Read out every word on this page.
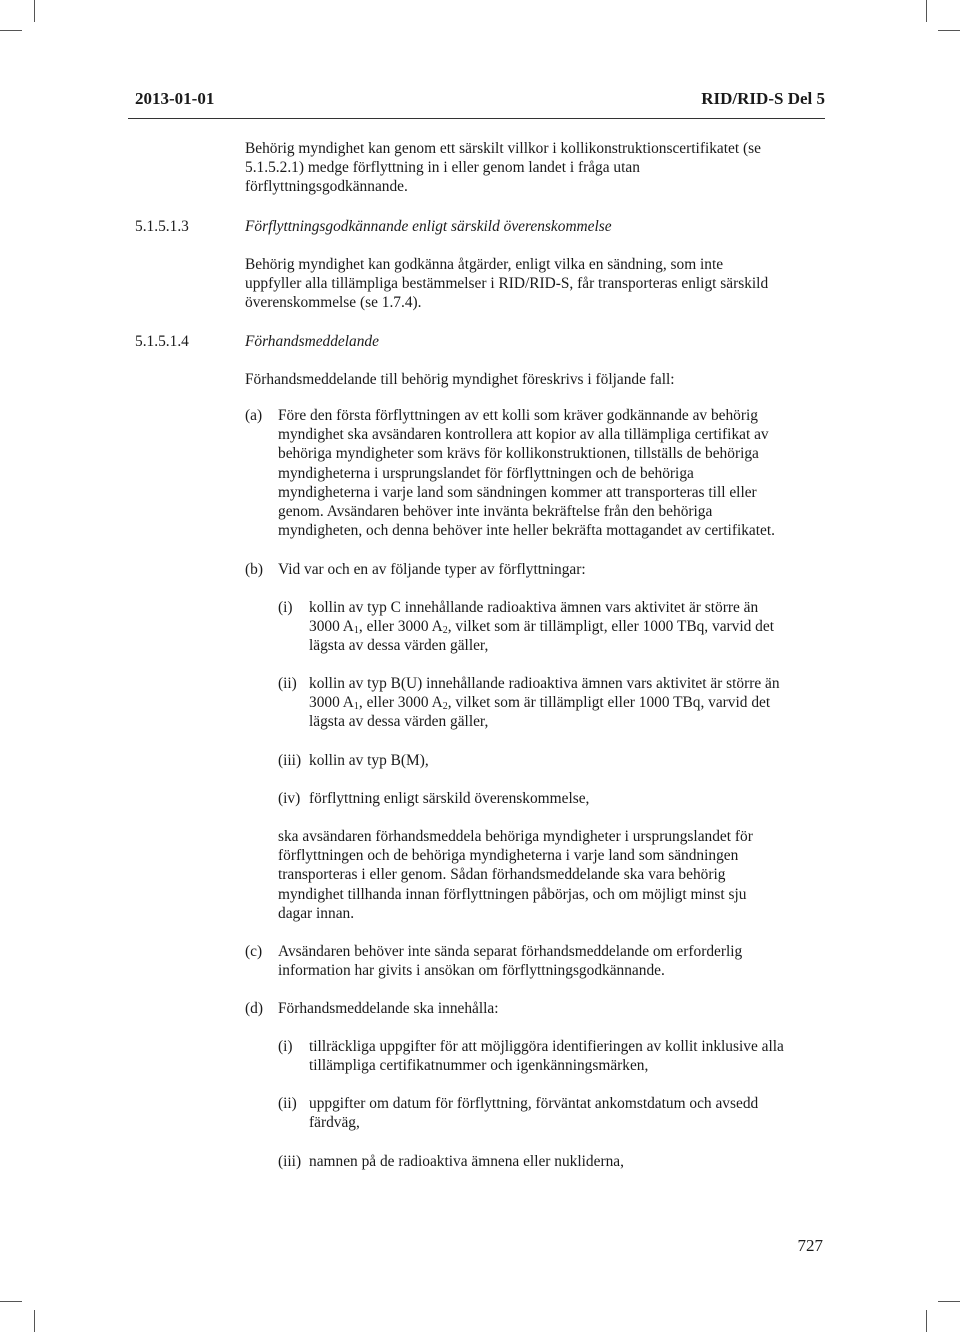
2013-01-01	RID/RID-S Del 5
Behörig myndighet kan genom ett särskilt villkor i kollikonstruktionscertifikatet (se
5.1.5.2.1) medge förflyttning in i eller genom landet i fråga utan
förflyttningsgodkännande.
5.1.5.1.3	Förflyttningsgodkännande enligt särskild överenskommelse
Behörig myndighet kan godkänna åtgärder, enligt vilka en sändning, som inte
uppfyller alla tillämpliga bestämmelser i RID/RID-S, får transporteras enligt särskild
överenskommelse (se 1.7.4).
5.1.5.1.4	Förhandsmeddelande
Förhandsmeddelande till behörig myndighet föreskrivs i följande fall:
(a) Före den första förflyttningen av ett kolli som kräver godkännande av behörig
myndighet ska avsändaren kontrollera att kopior av alla tillämpliga certifikat av
behöriga myndigheter som krävs för kollikonstruktionen, tillställs de behöriga
myndigheterna i ursprungslandet för förflyttningen och de behöriga
myndigheterna i varje land som sändningen kommer att transporteras till eller
genom. Avsändaren behöver inte invänta bekräftelse från den behöriga
myndigheten, och denna behöver inte heller bekräfta mottagandet av certifikatet.
(b) Vid var och en av följande typer av förflyttningar:
(i) kollin av typ C innehållande radioaktiva ämnen vars aktivitet är större än
3000 $A_1$, eller 3000 $A_2$, vilket som är tillämpligt, eller 1000 TBq, varvid det
lägsta av dessa värden gäller,
(ii) kollin av typ B(U) innehållande radioaktiva ämnen vars aktivitet är större än
3000 $A_1$, eller 3000 $A_2$, vilket som är tillämpligt eller 1000 TBq, varvid det
lägsta av dessa värden gäller,
(iii) kollin av typ B(M),
(iv) förflyttning enligt särskild överenskommelse,
ska avsändaren förhandsmeddela behöriga myndigheter i ursprungslandet för
förflyttningen och de behöriga myndigheterna i varje land som sändningen
transporteras i eller genom. Sådan förhandsmeddelande ska vara behörig
myndighet tillhanda innan förflyttningen påbörjas, och om möjligt minst sju
dagar innan.
(c) Avsändaren behöver inte sända separat förhandsmeddelande om erforderlig
information har givits i ansökan om förflyttningsgodkännande.
(d) Förhandsmeddelande ska innehålla:
(i) tillräckliga uppgifter för att möjliggöra identifieringen av kollit inklusive alla
tillämpliga certifikatnummer och igenkänningsmärken,
(ii) uppgifter om datum för förflyttning, förväntat ankomstdatum och avsedd
färdväg,
(iii) namnen på de radioaktiva ämnena eller nukliderna,
727
